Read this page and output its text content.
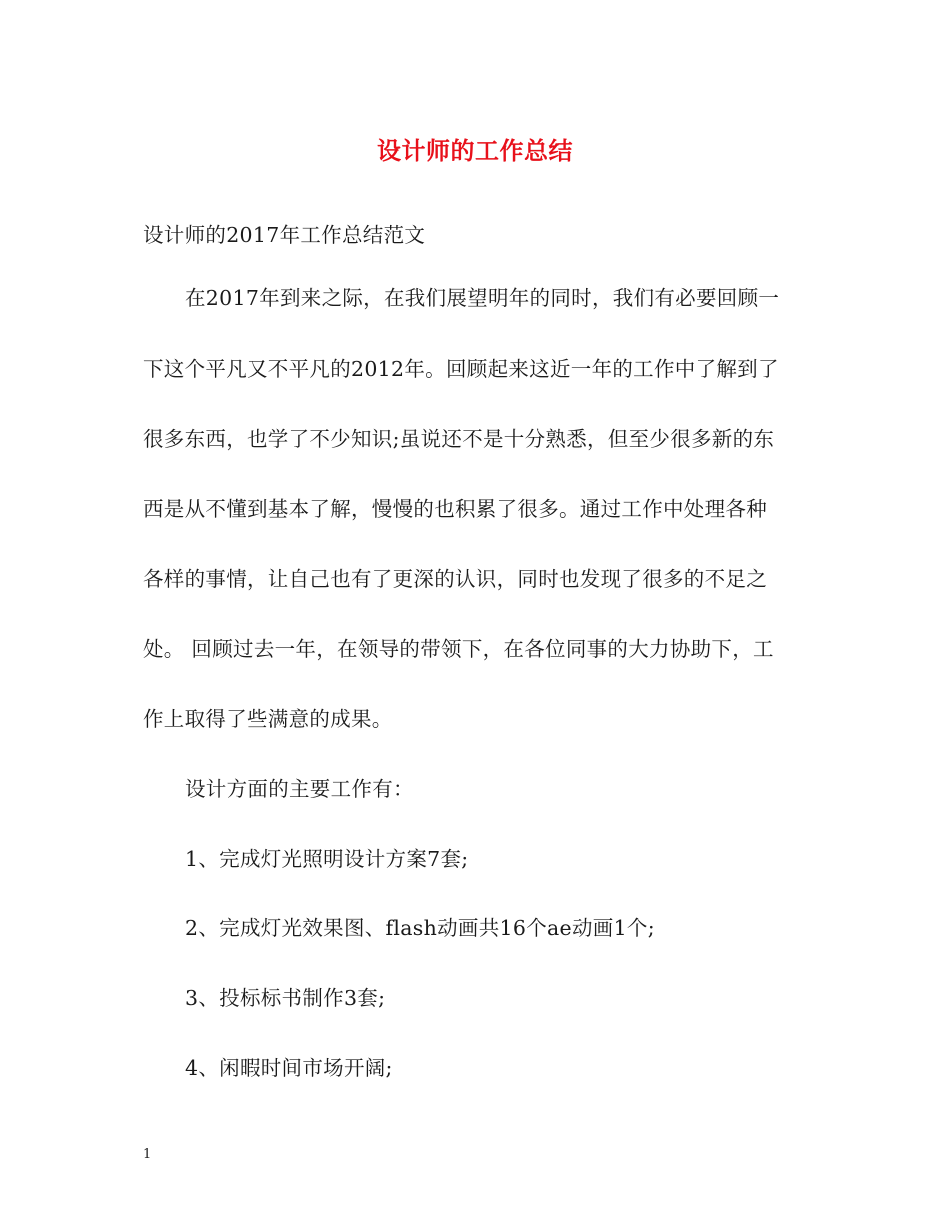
设计师的工作总结
设计师的2017年工作总结范文
在2017年到来之际，在我们展望明年的同时，我们有必要回顾一
下这个平凡又不平凡的2012年。回顾起来这近一年的工作中了解到了
很多东西，也学了不少知识;虽说还不是十分熟悉，但至少很多新的东
西是从不懂到基本了解，慢慢的也积累了很多。通过工作中处理各种
各样的事情，让自己也有了更深的认识，同时也发现了很多的不足之
处。 回顾过去一年，在领导的带领下，在各位同事的大力协助下，工
作上取得了些满意的成果。
设计方面的主要工作有：
1、完成灯光照明设计方案7套;
2、完成灯光效果图、flash动画共16个ae动画1个;
3、投标标书制作3套;
4、闲暇时间市场开阔;
1
